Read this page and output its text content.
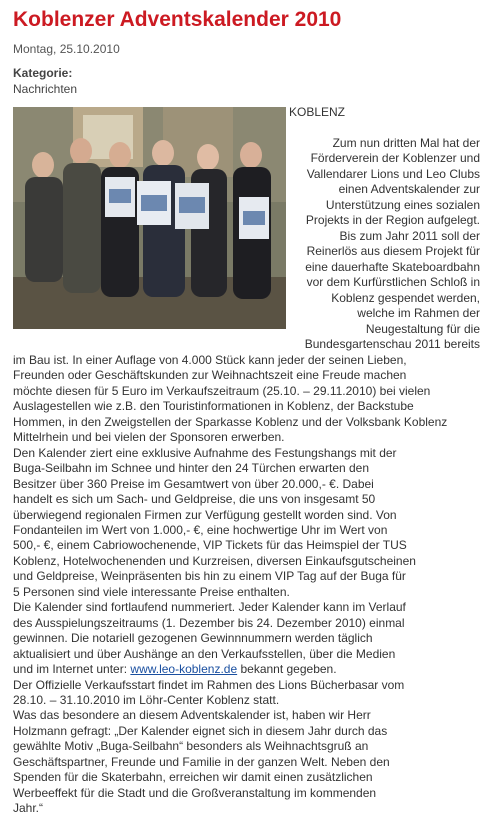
Koblenzer Adventskalender 2010
Montag, 25.10.2010
Kategorie:
Nachrichten
KOBLENZ
Zum nun dritten Mal hat der
Förderverein der Koblenzer und
Vallendarer Lions und Leo Clubs
einen Adventskalender zur
Unterstützung eines sozialen
Projekts in der Region aufgelegt.
Bis zum Jahr 2011 soll der
Reinerlös aus diesem Projekt für
eine dauerhafte Skateboardbahn
vor dem Kurfürstlichen Schloß in
Koblenz gespendet werden,
welche im Rahmen der
Neugestaltung für die
Bundesgartenschau 2011 bereits
im Bau ist. In einer Auflage von 4.000 Stück kann jeder der seinen Lieben,
Freunden oder Geschäftskunden zur Weihnachtszeit eine Freude machen
möchte diesen für 5 Euro im Verkaufszeitraum (25.10. – 29.11.2010) bei vielen
Auslagestellen wie z.B. den Touristinformationen in Koblenz, der Backstube
Hommen, in den Zweigstellen der Sparkasse Koblenz und der Volksbank Koblenz
Mittelrhein und bei vielen der Sponsoren erwerben.
Den Kalender ziert eine exklusive Aufnahme des Festungshangs mit der
Buga-Seilbahn im Schnee und hinter den 24 Türchen erwarten den
Besitzer über 360 Preise im Gesamtwert von über 20.000,- €. Dabei
handelt es sich um Sach- und Geldpreise, die uns von insgesamt 50
überwiegend regionalen Firmen zur Verfügung gestellt worden sind. Von
Fondanteilen im Wert von 1.000,- €, eine hochwertige Uhr im Wert von
500,- €, einem Cabriowochenende, VIP Tickets für das Heimspiel der TUS
Koblenz, Hotelwochenenden und Kurzreisen, diversen Einkaufsgutscheinen
und Geldpreise, Weinpräsenten bis hin zu einem VIP Tag auf der Buga für
5 Personen sind viele interessante Preise enthalten.
Die Kalender sind fortlaufend nummeriert. Jeder Kalender kann im Verlauf
des Ausspielungszeitraums (1. Dezember bis 24. Dezember 2010) einmal
gewinnen. Die notariell gezogenen Gewinnnummern werden täglich
aktualisiert und über Aushänge an den Verkaufsstellen, über die Medien
und im Internet unter: www.leo-koblenz.de bekannt gegeben.
Der Offizielle Verkaufsstart findet im Rahmen des Lions Bücherbasar vom
28.10. – 31.10.2010 im Löhr-Center Koblenz statt.
Was das besondere an diesem Adventskalender ist, haben wir Herr
Holzmann gefragt: „Der Kalender eignet sich in diesem Jahr durch das
gewählte Motiv „Buga-Seilbahn“ besonders als Weihnachtsgruß an
Geschäftspartner, Freunde und Familie in der ganzen Welt. Neben den
Spenden für die Skaterbahn, erreichen wir damit einen zusätzlichen
Werbeeffekt für die Stadt und die Großveranstaltung im kommenden
Jahr.“
